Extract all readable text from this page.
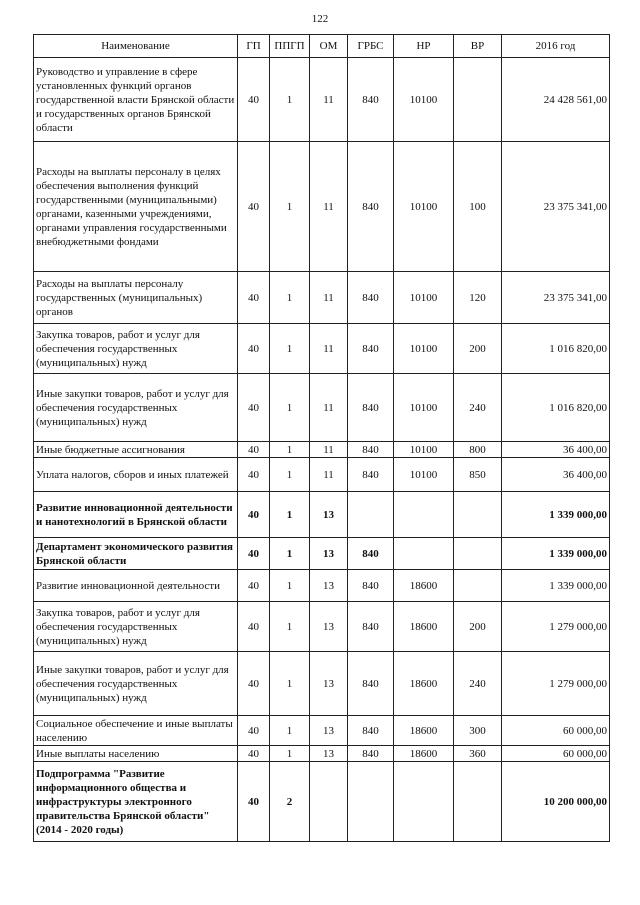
122
Наименование	ГП	ППГП	ОМ	ГРБС	НР	ВР	2016 год
Руководство и управление в сфере установленных функций органов государственной власти Брянской области и государственных органов Брянской области	40	1	11	840	10100		24 428 561,00
Расходы на выплаты персоналу в целях обеспечения выполнения функций государственными (муниципальными) органами, казенными учреждениями, органами управления государственными внебюджетными фондами	40	1	11	840	10100	100	23 375 341,00
Расходы на выплаты персоналу государственных (муниципальных) органов	40	1	11	840	10100	120	23 375 341,00
Закупка товаров, работ и услуг для обеспечения государственных (муниципальных) нужд	40	1	11	840	10100	200	1 016 820,00
Иные закупки товаров, работ и услуг для обеспечения государственных (муниципальных) нужд	40	1	11	840	10100	240	1 016 820,00
Иные бюджетные ассигнования	40	1	11	840	10100	800	36 400,00
Уплата налогов, сборов и иных платежей	40	1	11	840	10100	850	36 400,00
Развитие инновационной деятельности и нанотехнологий в Брянской области	40	1	13				1 339 000,00
Департамент экономического развития Брянской области	40	1	13	840			1 339 000,00
Развитие инновационной деятельности	40	1	13	840	18600		1 339 000,00
Закупка товаров, работ и услуг для обеспечения государственных (муниципальных) нужд	40	1	13	840	18600	200	1 279 000,00
Иные закупки товаров, работ и услуг для обеспечения государственных (муниципальных) нужд	40	1	13	840	18600	240	1 279 000,00
Социальное обеспечение и иные выплаты населению	40	1	13	840	18600	300	60 000,00
Иные выплаты населению	40	1	13	840	18600	360	60 000,00
Подпрограмма "Развитие информационного общества и инфраструктуры электронного правительства Брянской области" (2014 - 2020 годы)	40	2					10 200 000,00
